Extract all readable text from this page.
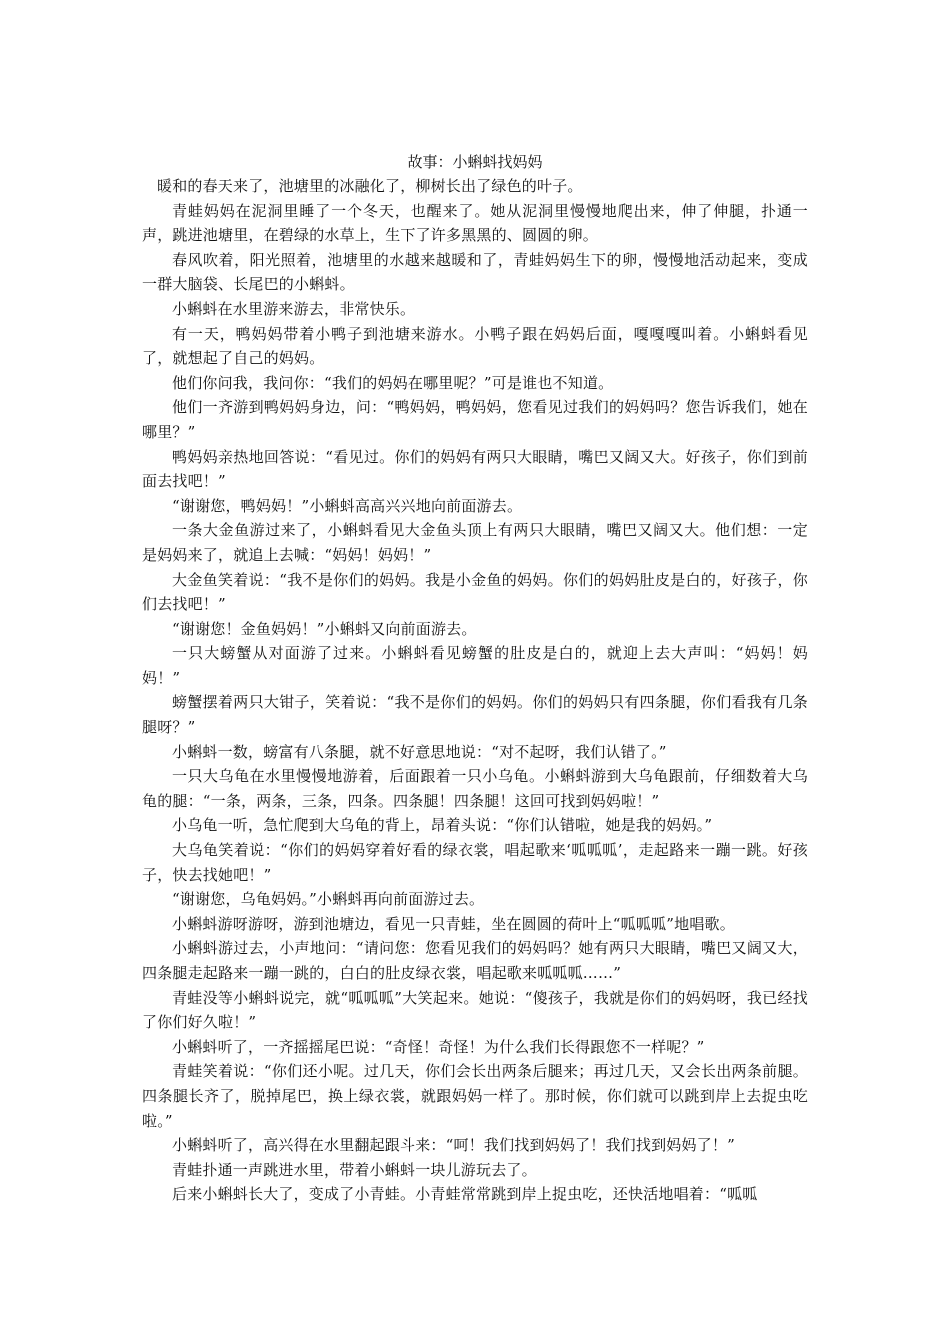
故事：小蝌蚪找妈妈

暖和的春天来了，池塘里的冰融化了，柳树长出了绿色的叶子。

青蛙妈妈在泥洞里睡了一个冬天，也醒来了。她从泥洞里慢慢地爬出来，伸了伸腿，扑通一声，跳进池塘里，在碧绿的水草上，生下了许多黑黑的、圆圆的卵。

春风吹着，阳光照着，池塘里的水越来越暖和了，青蛙妈妈生下的卵，慢慢地活动起来，变成一群大脑袋、长尾巴的小蝌蚪。

小蝌蚪在水里游来游去，非常快乐。

有一天，鸭妈妈带着小鸭子到池塘来游水。小鸭子跟在妈妈后面，嘎嘎嘎叫着。小蝌蚪看见了，就想起了自己的妈妈。

他们你问我，我问你：“我们的妈妈在哪里呢？”可是谁也不知道。

他们一齐游到鸭妈妈身边，问：“鸭妈妈，鸭妈妈，您看见过我们的妈妈吗？您告诉我们，她在哪里？”

鸭妈妈亲热地回答说：“看见过。你们的妈妈有两只大眼睛，嘴巴又阔又大。好孩子，你们到前面去找吧！”

“谢谢您，鸭妈妈！”小蝌蚪高高兴兴地向前面游去。

一条大金鱼游过来了，小蝌蚪看见大金鱼头顶上有两只大眼睛，嘴巴又阔又大。他们想：一定是妈妈来了，就追上去喊：“妈妈！妈妈！”

大金鱼笑着说：“我不是你们的妈妈。我是小金鱼的妈妈。你们的妈妈肚皮是白的，好孩子，你们去找吧！”

“谢谢您！金鱼妈妈！”小蝌蚪又向前面游去。

一只大螃蟹从对面游了过来。小蝌蚪看见螃蟹的肚皮是白的，就迎上去大声叫：“妈妈！妈妈！”

螃蟹摆着两只大钳子，笑着说：“我不是你们的妈妈。你们的妈妈只有四条腿，你们看我有几条腿呀？”

小蝌蚪一数，螃富有八条腿，就不好意思地说：“对不起呀，我们认错了。”

一只大乌龟在水里慢慢地游着，后面跟着一只小乌龟。小蝌蚪游到大乌龟跟前，仔细数着大乌龟的腿：“一条，两条，三条，四条。四条腿！四条腿！这回可找到妈妈啦！”

小乌龟一听，急忙爬到大乌龟的背上，昂着头说：“你们认错啦，她是我的妈妈。”

大乌龟笑着说：“你们的妈妈穿着好看的绿衣裳，唱起歌来‘呱呱呱’，走起路来一蹦一跳。好孩子，快去找她吧！”

“谢谢您，乌龟妈妈。”小蝌蚪再向前面游过去。

小蝌蚪游呀游呀，游到池塘边，看见一只青蛙，坐在圆圆的荷叶上“呱呱呱”地唱歌。

小蝌蚪游过去，小声地问：“请问您：您看见我们的妈妈吗？她有两只大眼睛，嘴巴又阔又大，四条腿走起路来一蹦一跳的，白白的肚皮绿衣裳，唱起歌来呱呱呱……”

青蛙没等小蝌蚪说完，就“呱呱呱”大笑起来。她说：“傻孩子，我就是你们的妈妈呀，我已经找了你们好久啦！”

小蝌蚪听了，一齐摇摇尾巴说：“奇怪！奇怪！为什么我们长得跟您不一样呢？”

青蛙笑着说：“你们还小呢。过几天，你们会长出两条后腿来；再过几天，又会长出两条前腿。四条腿长齐了，脱掉尾巴，换上绿衣裳，就跟妈妈一样了。那时候，你们就可以跳到岸上去捉虫吃啦。”

小蝌蚪听了，高兴得在水里翻起跟斗来：“呵！我们找到妈妈了！我们找到妈妈了！”

青蛙扑通一声跳进水里，带着小蝌蚪一块儿游玩去了。

后来小蝌蚪长大了，变成了小青蛙。小青蛙常常跳到岸上捉虫吃，还快活地唱着：“呱呱
